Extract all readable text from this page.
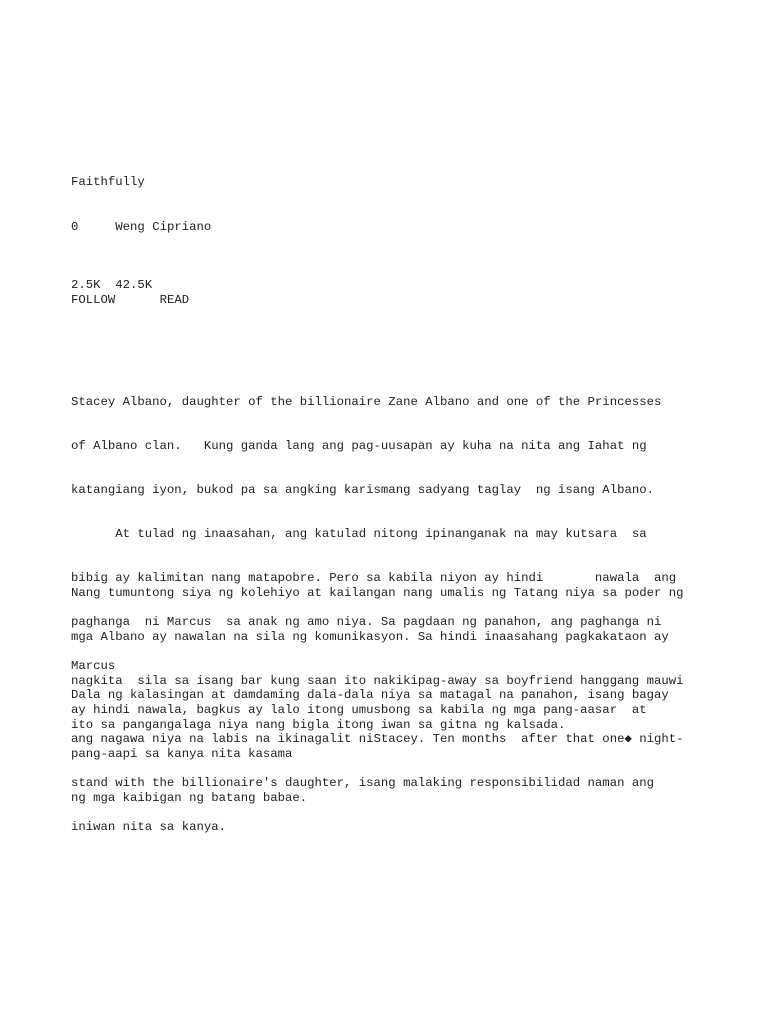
Faithfully
0	Weng Cipriano
2.5K 42.5K
FOLLOW	READ

Stacey Albano, daughter of the billionaire Zane Albano and one of the Princesses

of Albano clan.   Kung ganda lang ang pag-uusapan ay kuha na nita ang Iahat ng

katangiang iyon, bukod pa sa angking karismang sadyang taglay  ng isang Albano.

At tulad ng inaasahan, ang katulad nitong ipinanganak na may kutsara  sa

bibig ay kalimitan nang matapobre. Pero sa kabila niyon ay hindi       nawala  ang

paghanga  ni Marcus  sa anak ng amo niya. Sa pagdaan ng panahon, ang paghanga ni

Marcus

ay hindi nawala, bagkus ay lalo itong umusbong sa kabila ng mga pang-aasar  at

pang-aapi sa kanya nita kasama

ng mga kaibigan ng batang babae.

Nang tumuntong siya ng kolehiyo at kailangan nang umalis ng Tatang niya sa poder ng

mga Albano ay nawalan na sila ng komunikasyon. Sa hindi inaasahang pagkakataon ay

nagkita  sila sa isang bar kung saan ito nakikipag-away sa boyfriend hanggang mauwi

ito sa pangangalaga niya nang bigla itong iwan sa gitna ng kalsada.

Dala ng kalasingan at damdaming dala-dala niya sa matagal na panahon, isang bagay

ang nagawa niya na labis na ikinagalit niStacey. Ten months  after that one◆ night-

stand with the billionaire's daughter, isang malaking responsibilidad naman ang

iniwan nita sa kanya.
